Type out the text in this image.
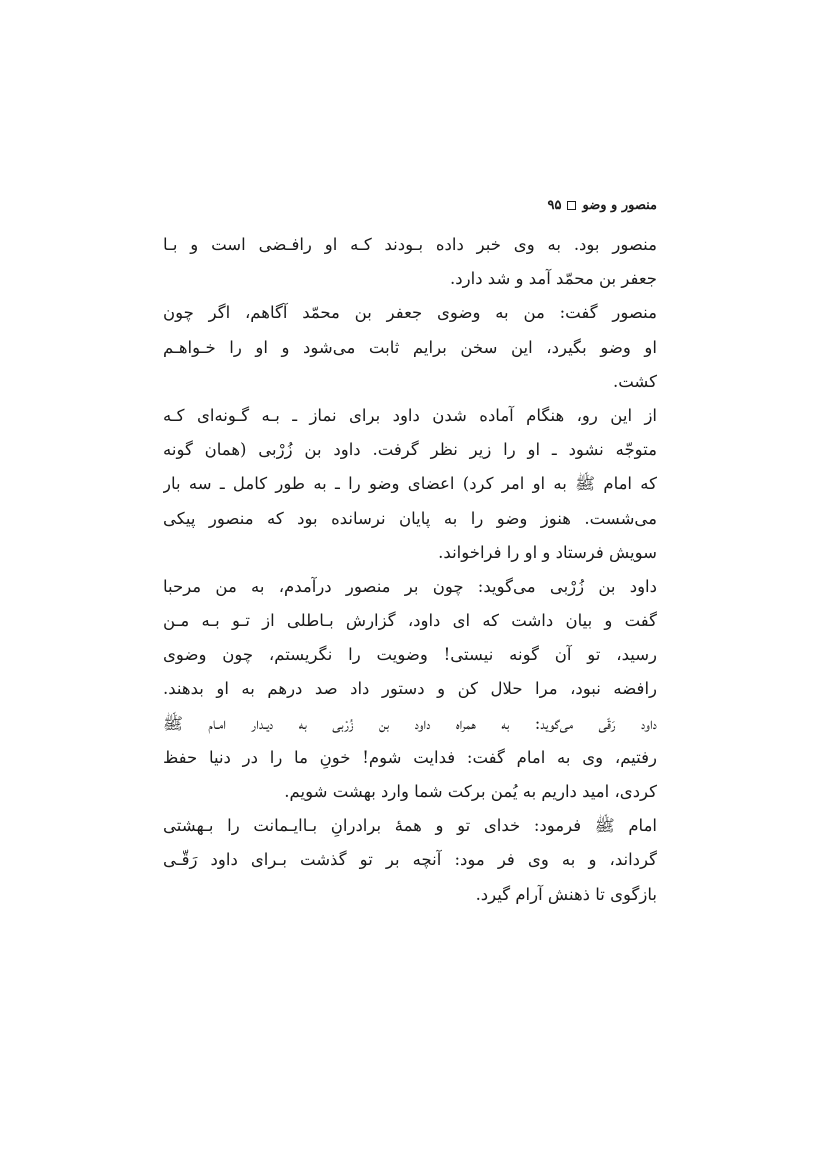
منصور و وضو
۹۵
منصور بود. به وی خبر داده بـودند کـه او رافـضی است و بـا
جعفر بن محمّد آمد و شد دارد.
منصور گفت: من به وضوی جعفر بن محمّد آگاهم، اگر چون
او وضو بگیرد، این سخن برایم ثابت می‌شود و او را خـواهـم
کشت.
از این رو، هنگام آماده شدن داود برای نماز ـ بـه گـونه‌ای کـه
متوجّه نشود ـ او را زیر نظر گرفت. داود بن زُرْبی (همان گونه
که امام ﷺ به او امر کرد) اعضای وضو را ـ به طور کامل ـ سه بار
می‌شست. هنوز وضو را به پایان نرسانده بود که منصور پیکی
سویش فرستاد و او را فراخواند.
داود بن زُرْبی می‌گوید: چون بر منصور درآمدم، به من مرحبا
گفت و بیان داشت که ای داود، گزارش بـاطلی از تـو بـه مـن
رسید، تو آن گونه نیستی! وضویت را نگریستم، چون وضوی
رافضه نبود، مرا حلال کن و دستور داد صد درهم به او بدهند.
داود رَقّی می‌گوید: به همراه داود بن زُرْبی به دیـدار امـام ﷺ
رفتیم، وی به امام گفت: فدایت شوم! خونِ ما را در دنیا حفظ
کردی، امید داریم به یُمن برکت شما وارد بهشت شویم.
امام ﷺ فرمود: خدای تو و همهٔ برادرانِ بـاایـمانت را بـهشتی
گرداند، و به وی فر مود: آنچه بر تو گذشت بـرای داود رَقّـی
بازگوی تا ذهنش آرام گیرد.
